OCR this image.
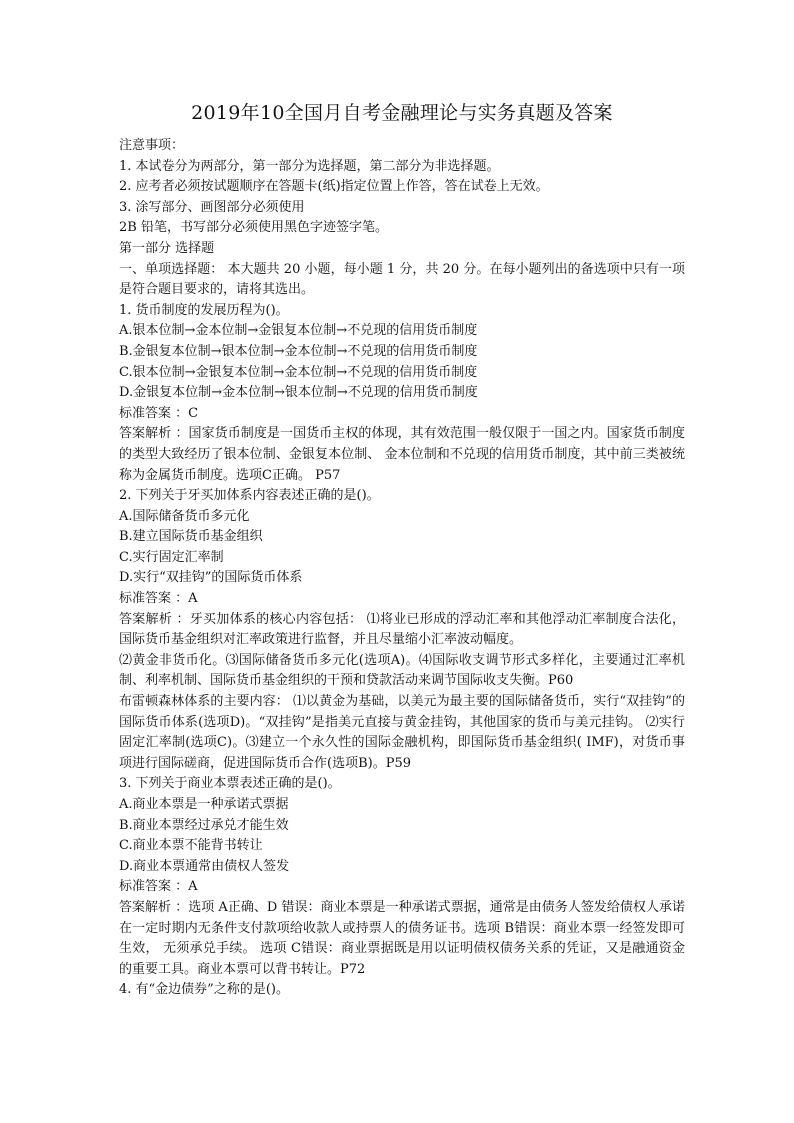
2019年10全国月自考金融理论与实务真题及答案

注意事项：

1. 本试卷分为两部分，第一部分为选择题，第二部分为非选择题。

2. 应考者必须按试题顺序在答题卡(纸)指定位置上作答，答在试卷上无效。

3. 涂写部分、画图部分必须使用

2B 铅笔，书写部分必须使用黑色字迹签字笔。

第一部分 选择题

一、单项选择题： 本大题共 20 小题，每小题 1 分，共 20 分。在每小题列出的备选项中只有一项是符合题目要求的，请将其选出。

1. 货币制度的发展历程为()。

A.银本位制→金本位制→金银复本位制→不兑现的信用货币制度

B.金银复本位制→银本位制→金本位制→不兑现的信用货币制度

C.银本位制→金银复本位制→金本位制→不兑现的信用货币制度

D.金银复本位制→金本位制→银本位制→不兑现的信用货币制度

标准答案 ：C

答案解析 ：国家货币制度是一国货币主权的体现，其有效范围一般仅限于一国之内。国家货币制度的类型大致经历了银本位制、金银复本位制、 金本位制和不兑现的信用货币制度，其中前三类被统称为金属货币制度。选项C正确。 P57

2. 下列关于牙买加体系内容表述正确的是()。

A.国际储备货币多元化

B.建立国际货币基金组织

C.实行固定汇率制

D.实行“双挂钩”的国际货币体系

标准答案 ：A

答案解析 ：牙买加体系的核心内容包括： ⑴将业已形成的浮动汇率和其他浮动汇率制度合法化，国际货币基金组织对汇率政策进行监督，并且尽量缩小汇率波动幅度。

⑵黄金非货币化。⑶国际储备货币多元化(选项A)。⑷国际收支调节形式多样化，主要通过汇率机制、利率机制、国际货币基金组织的干预和贷款活动来调节国际收支失衡。P60

布雷顿森林体系的主要内容： ⑴以黄金为基础，以美元为最主要的国际储备货币，实行“双挂钩”的国际货币体系(选项D)。“双挂钩”是指美元直接与黄金挂钩，其他国家的货币与美元挂钩。 ⑵实行固定汇率制(选项C)。⑶建立一个永久性的国际金融机构，即国际货币基金组织( IMF)，对货币事项进行国际磋商，促进国际货币合作(选项B)。P59

3. 下列关于商业本票表述正确的是()。

A.商业本票是一种承诺式票据

B.商业本票经过承兑才能生效

C.商业本票不能背书转让

D.商业本票通常由债权人签发

标准答案 ：A

答案解析 ：选项 A正确、D 错误：商业本票是一种承诺式票据，通常是由债务人签发给债权人承诺在一定时期内无条件支付款项给收款人或持票人的债务证书。选项 B错误：商业本票一经签发即可生效， 无须承兑手续。 选项 C错误：商业票据既是用以证明债权债务关系的凭证，又是融通资金的重要工具。商业本票可以背书转让。P72

4. 有“金边债券”之称的是()。
